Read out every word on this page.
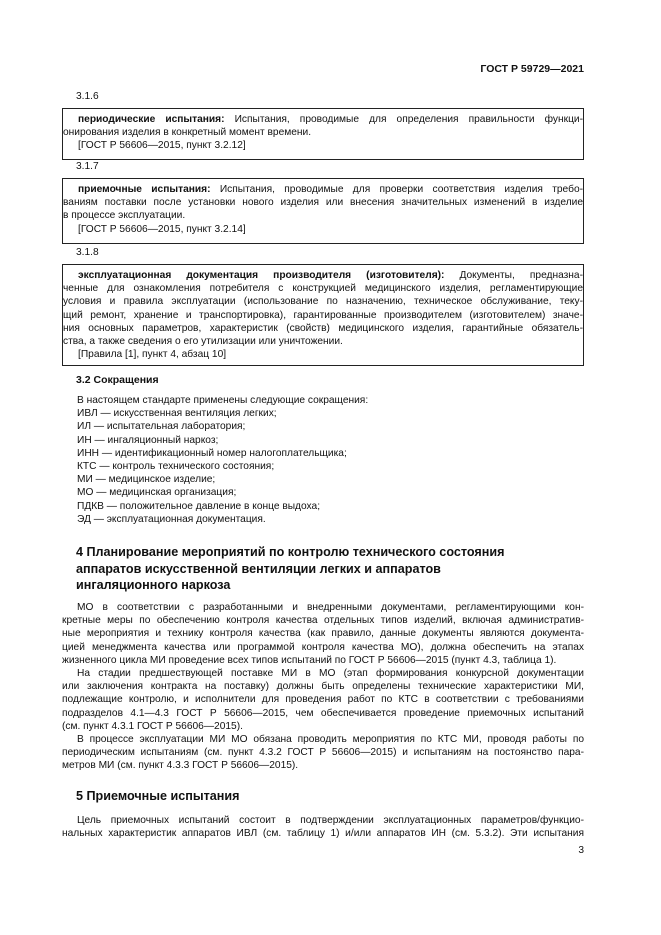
ГОСТ Р 59729—2021
3.1.6
периодические испытания: Испытания, проводимые для определения правильности функци-
онирования изделия в конкретный момент времени.
[ГОСТ Р 56606—2015, пункт 3.2.12]
3.1.7
приемочные испытания: Испытания, проводимые для проверки соответствия изделия требо-
ваниям поставки после установки нового изделия или внесения значительных изменений в изделие
в процессе эксплуатации.
[ГОСТ Р 56606—2015, пункт 3.2.14]
3.1.8
эксплуатационная документация производителя (изготовителя): Документы, предназна-
ченные для ознакомления потребителя с конструкцией медицинского изделия, регламентирующие
условия и правила эксплуатации (использование по назначению, техническое обслуживание, теку-
щий ремонт, хранение и транспортировка), гарантированные производителем (изготовителем) значе-
ния основных параметров, характеристик (свойств) медицинского изделия, гарантийные обязатель-
ства, а также сведения о его утилизации или уничтожении.
[Правила [1], пункт 4, абзац 10]
3.2 Сокращения
В настоящем стандарте применены следующие сокращения:
ИВЛ — искусственная вентиляция легких;
ИЛ — испытательная лаборатория;
ИН — ингаляционный наркоз;
ИНН — идентификационный номер налогоплательщика;
КТС — контроль технического состояния;
МИ — медицинское изделие;
МО — медицинская организация;
ПДКВ — положительное давление в конце выдоха;
ЭД — эксплуатационная документация.
4 Планирование мероприятий по контролю технического состояния
аппаратов искусственной вентиляции легких и аппаратов
ингаляционного наркоза
МО в соответствии с разработанными и внедренными документами, регламентирующими кон-
кретные меры по обеспечению контроля качества отдельных типов изделий, включая административ-
ные мероприятия и технику контроля качества (как правило, данные документы являются документа-
цией менеджмента качества или программой контроля качества МО), должна обеспечить на этапах
жизненного цикла МИ проведение всех типов испытаний по ГОСТ Р 56606—2015 (пункт 4.3, таблица 1).
На стадии предшествующей поставке МИ в МО (этап формирования конкурсной документации
или заключения контракта на поставку) должны быть определены технические характеристики МИ,
подлежащие контролю, и исполнители для проведения работ по КТС в соответствии с требованиями
подразделов 4.1—4.3 ГОСТ Р 56606—2015, чем обеспечивается проведение приемочных испытаний
(см. пункт 4.3.1 ГОСТ Р 56606—2015).
В процессе эксплуатации МИ МО обязана проводить мероприятия по КТС МИ, проводя работы по
периодическим испытаниям (см. пункт 4.3.2 ГОСТ Р 56606—2015) и испытаниям на постоянство пара-
метров МИ (см. пункт 4.3.3 ГОСТ Р 56606—2015).
5 Приемочные испытания
Цель приемочных испытаний состоит в подтверждении эксплуатационных параметров/функцио-
нальных характеристик аппаратов ИВЛ (см. таблицу 1) и/или аппаратов ИН (см. 5.3.2). Эти испытания
3
